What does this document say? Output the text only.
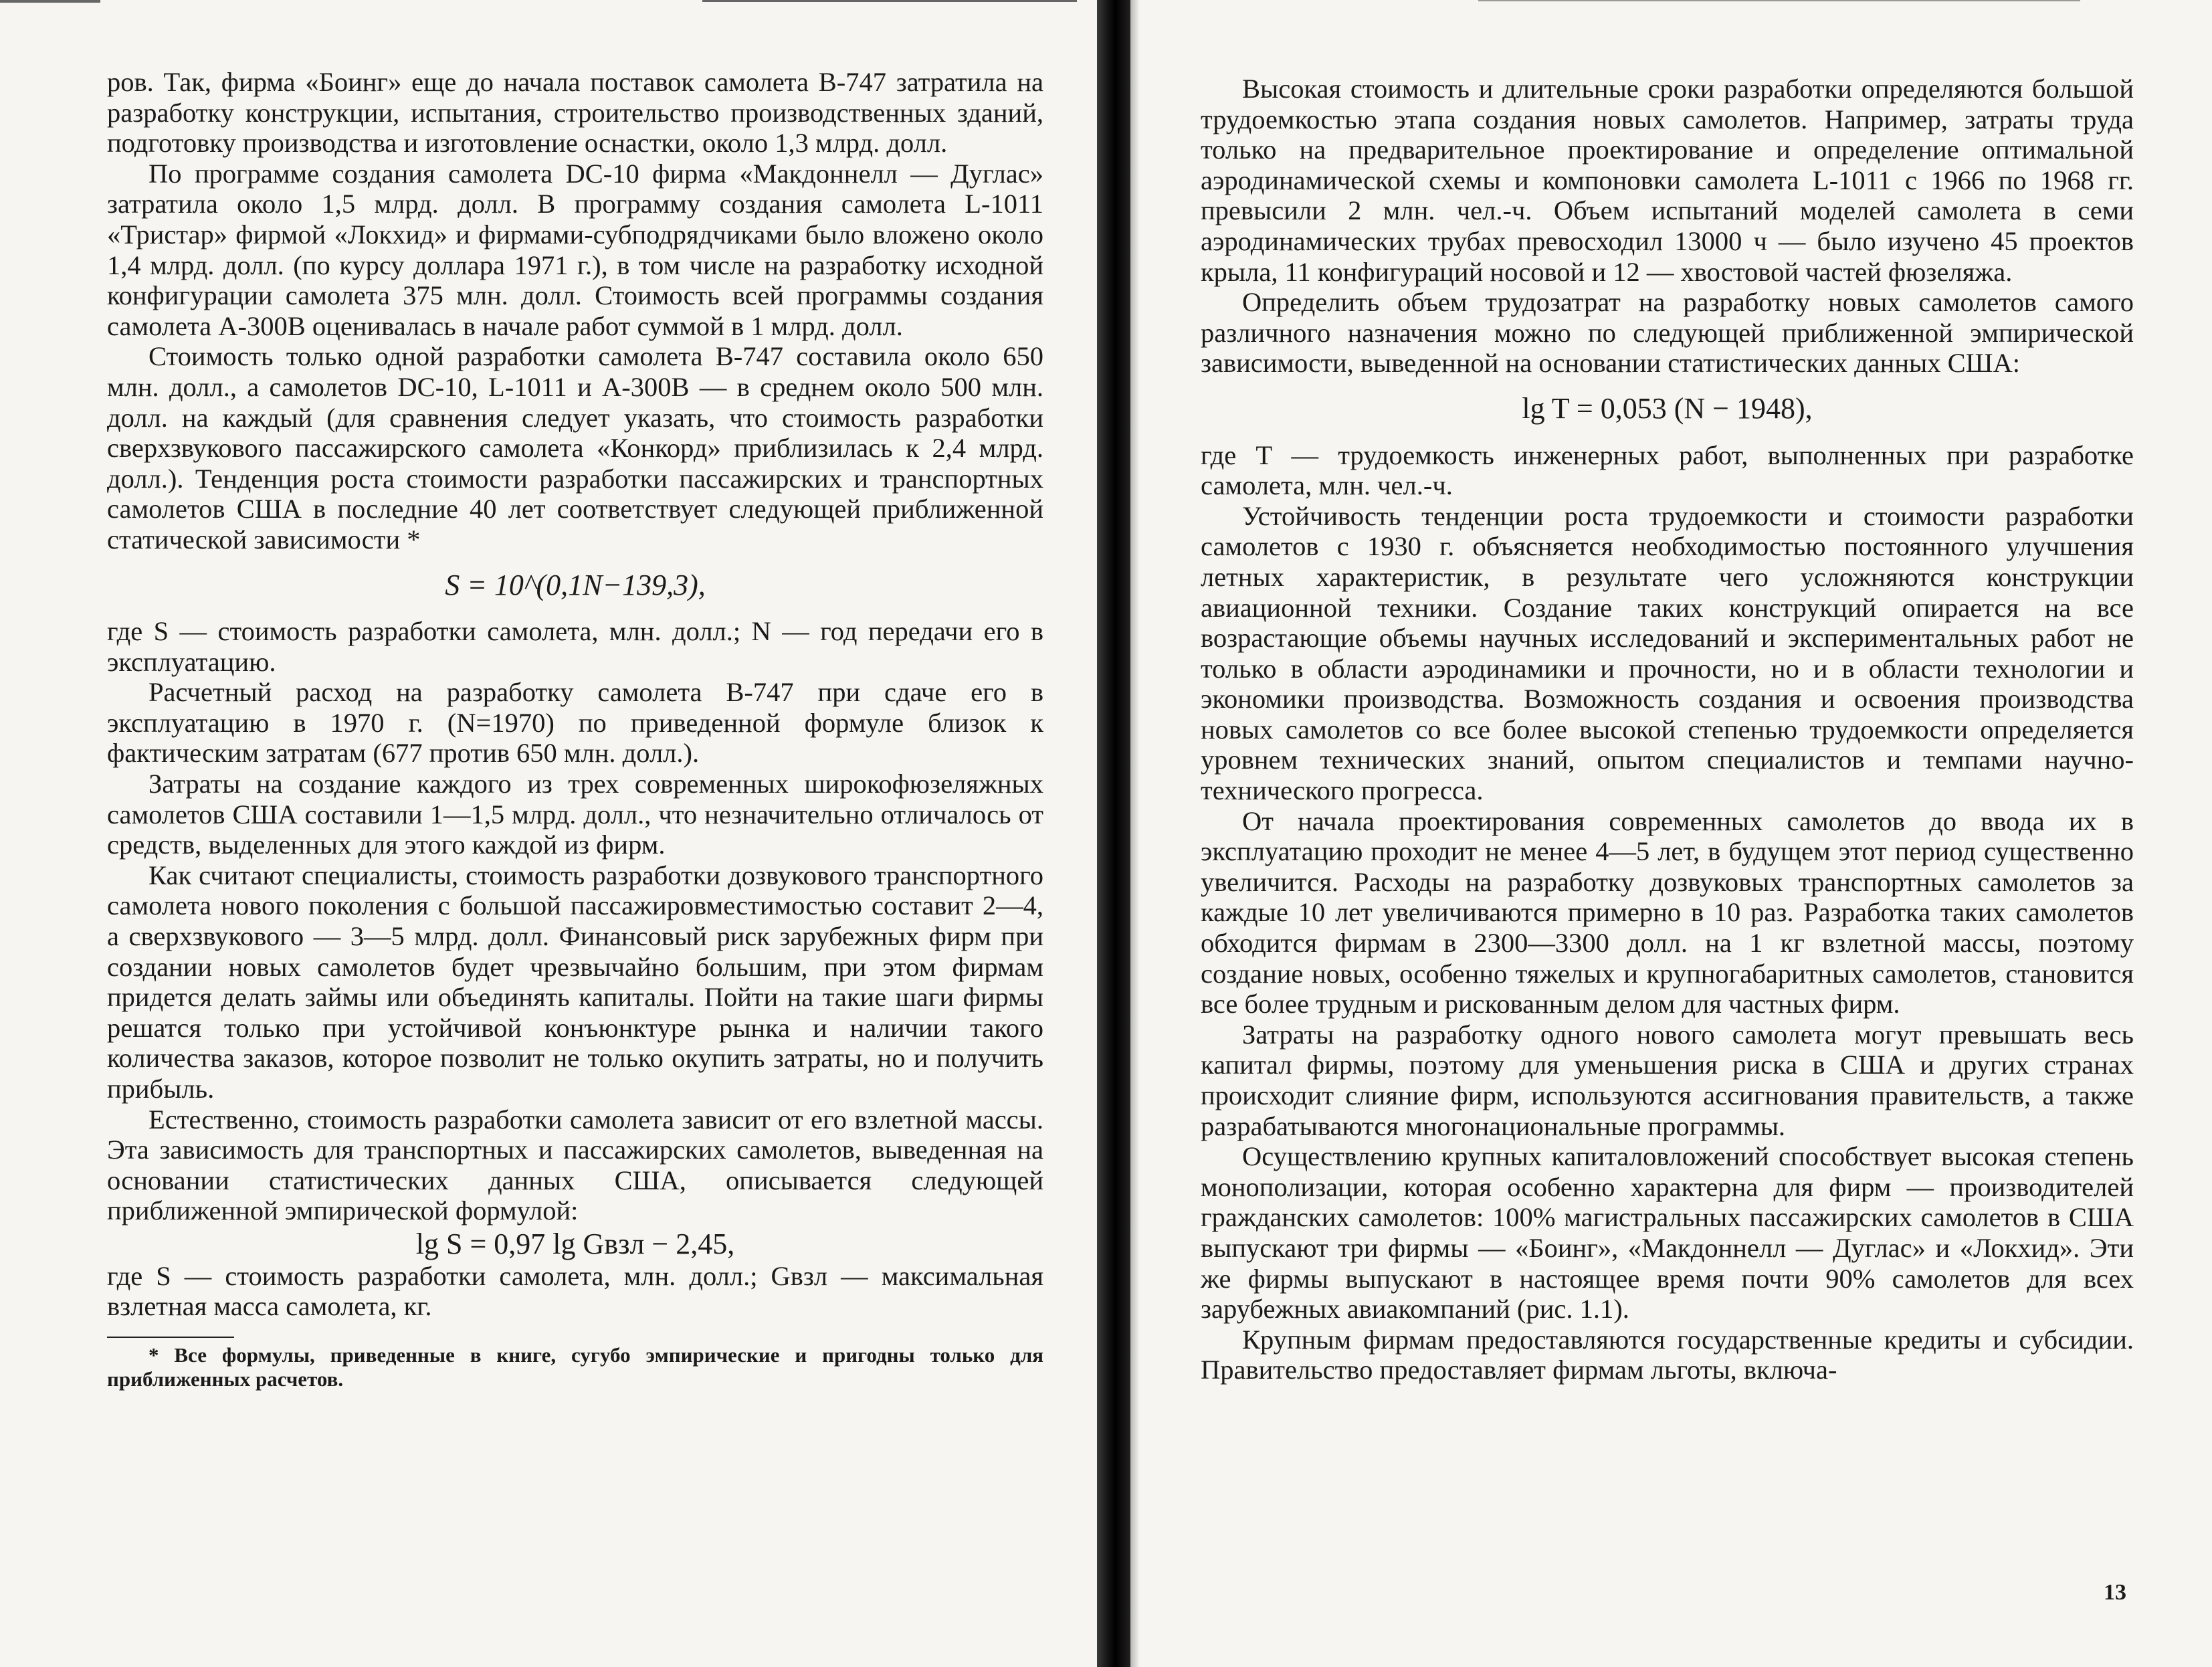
ров. Так, фирма «Боинг» еще до начала поставок самолета В-747 затратила на разработку конструкции, испытания, строительство производственных зданий, подготовку производства и изготовление оснастки, около 1,3 млрд. долл.

По программе создания самолета DC-10 фирма «Макдоннелл — Дуглас» затратила около 1,5 млрд. долл. В программу создания самолета L-1011 «Тристар» фирмой «Локхид» и фирмами-субподрядчиками было вложено около 1,4 млрд. долл. (по курсу доллара 1971 г.), в том числе на разработку исходной конфигурации самолета 375 млн. долл. Стоимость всей программы создания самолета А-300В оценивалась в начале работ суммой в 1 млрд. долл.

Стоимость только одной разработки самолета В-747 составила около 650 млн. долл., а самолетов DC-10, L-1011 и А-300В — в среднем около 500 млн. долл. на каждый (для сравнения следует указать, что стоимость разработки сверхзвукового пассажирского самолета «Конкорд» приблизилась к 2,4 млрд. долл.). Тенденция роста стоимости разработки пассажирских и транспортных самолетов США в последние 40 лет соответствует следующей приближенной статической зависимости *

S = 10^(0,1N−139,3),

где S — стоимость разработки самолета, млн. долл.; N — год передачи его в эксплуатацию.

Расчетный расход на разработку самолета В-747 при сдаче его в эксплуатацию в 1970 г. (N=1970) по приведенной формуле близок к фактическим затратам (677 против 650 млн. долл.).

Затраты на создание каждого из трех современных широкофюзеляжных самолетов США составили 1—1,5 млрд. долл., что незначительно отличалось от средств, выделенных для этого каждой из фирм.

Как считают специалисты, стоимость разработки дозвукового транспортного самолета нового поколения с большой пассажировместимостью составит 2—4, а сверхзвукового — 3—5 млрд. долл. Финансовый риск зарубежных фирм при создании новых самолетов будет чрезвычайно большим, при этом фирмам придется делать займы или объединять капиталы. Пойти на такие шаги фирмы решатся только при устойчивой конъюнктуре рынка и наличии такого количества заказов, которое позволит не только окупить затраты, но и получить прибыль.

Естественно, стоимость разработки самолета зависит от его взлетной массы. Эта зависимость для транспортных и пассажирских самолетов, выведенная на основании статистических данных США, описывается следующей приближенной эмпирической формулой:

lg S = 0,97 lg Gвзл − 2,45,

где S — стоимость разработки самолета, млн. долл.; Gвзл — максимальная взлетная масса самолета, кг.

* Все формулы, приведенные в книге, сугубо эмпирические и пригодны только для приближенных расчетов.

Высокая стоимость и длительные сроки разработки определяются большой трудоемкостью этапа создания новых самолетов. Например, затраты труда только на предварительное проектирование и определение оптимальной аэродинамической схемы и компоновки самолета L-1011 с 1966 по 1968 гг. превысили 2 млн. чел.-ч. Объем испытаний моделей самолета в семи аэродинамических трубах превосходил 13000 ч — было изучено 45 проектов крыла, 11 конфигураций носовой и 12 — хвостовой частей фюзеляжа.

Определить объем трудозатрат на разработку новых самолетов самого различного назначения можно по следующей приближенной эмпирической зависимости, выведенной на основании статистических данных США:

lg T = 0,053 (N − 1948),

где T — трудоемкость инженерных работ, выполненных при разработке самолета, млн. чел.-ч.

Устойчивость тенденции роста трудоемкости и стоимости разработки самолетов с 1930 г. объясняется необходимостью постоянного улучшения летных характеристик, в результате чего усложняются конструкции авиационной техники. Создание таких конструкций опирается на все возрастающие объемы научных исследований и экспериментальных работ не только в области аэродинамики и прочности, но и в области технологии и экономики производства. Возможность создания и освоения производства новых самолетов со все более высокой степенью трудоемкости определяется уровнем технических знаний, опытом специалистов и темпами научно-технического прогресса.

От начала проектирования современных самолетов до ввода их в эксплуатацию проходит не менее 4—5 лет, в будущем этот период существенно увеличится. Расходы на разработку дозвуковых транспортных самолетов за каждые 10 лет увеличиваются примерно в 10 раз. Разработка таких самолетов обходится фирмам в 2300—3300 долл. на 1 кг взлетной массы, поэтому создание новых, особенно тяжелых и крупногабаритных самолетов, становится все более трудным и рискованным делом для частных фирм.

Затраты на разработку одного нового самолета могут превышать весь капитал фирмы, поэтому для уменьшения риска в США и других странах происходит слияние фирм, используются ассигнования правительств, а также разрабатываются многонациональные программы.

Осуществлению крупных капиталовложений способствует высокая степень монополизации, которая особенно характерна для фирм — производителей гражданских самолетов: 100% магистральных пассажирских самолетов в США выпускают три фирмы — «Боинг», «Макдоннелл — Дуглас» и «Локхид». Эти же фирмы выпускают в настоящее время почти 90% самолетов для всех зарубежных авиакомпаний (рис. 1.1).

Крупным фирмам предоставляются государственные кредиты и субсидии. Правительство предоставляет фирмам льготы, включа-

13
